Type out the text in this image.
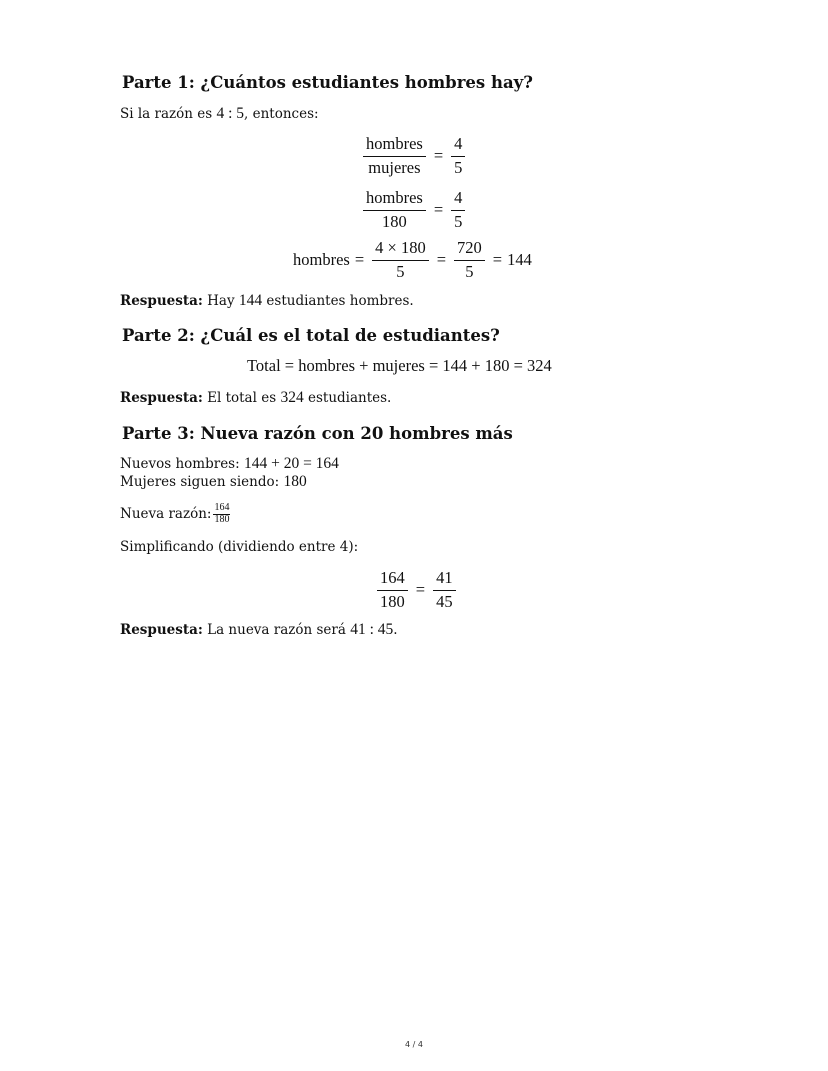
Parte 1: ¿Cuántos estudiantes hombres hay?

Si la razón es 4 : 5, entonces:

$\frac{\text{hombres}}{\text{mujeres}} = \frac{4}{5}$
$\frac{\text{hombres}}{180} = \frac{4}{5}$
hombres = $\frac{4 \times 180}{5} = \frac{720}{5} = 144$

Respuesta: Hay 144 estudiantes hombres.

Parte 2: ¿Cuál es el total de estudiantes?
Total = hombres + mujeres = 144 + 180 = 324

Respuesta: El total es 324 estudiantes.

Parte 3: Nueva razón con 20 hombres más

Nuevos hombres: 144 + 20 = 164

Mujeres siguen siendo: 180

Nueva razón: $\frac{164}{180}$

Simplificando (dividiendo entre 4):

$\frac{164}{180} = \frac{41}{45}$

Respuesta: La nueva razón será 41 : 45.

4 / 4
